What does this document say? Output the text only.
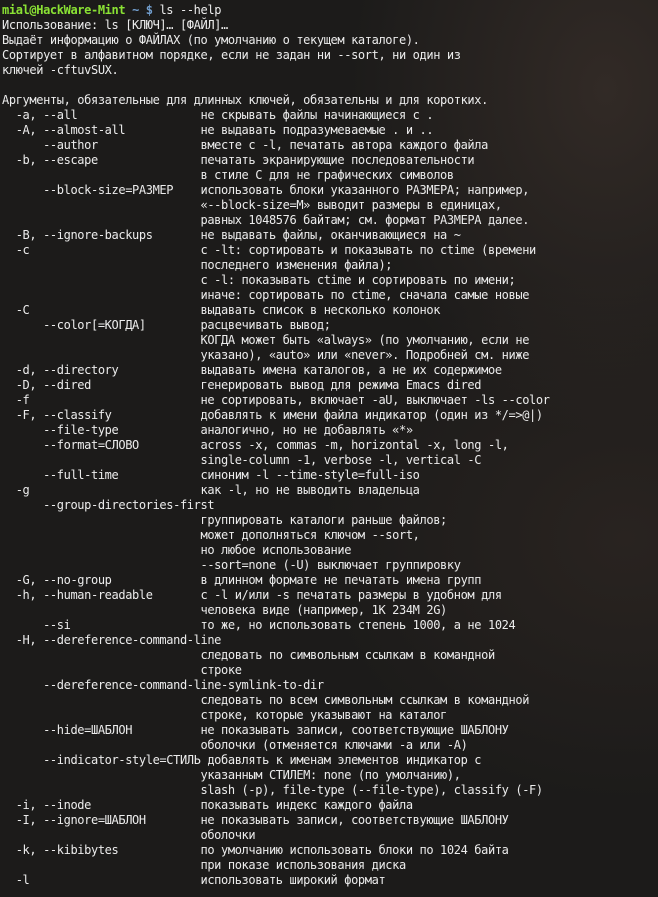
mial@HackWare-Mint ~ $ ls --help
Использование: ls [КЛЮЧ]… [ФАЙЛ]…
Выдаёт информацию о ФАЙЛАХ (по умолчанию о текущем каталоге).
Сортирует в алфавитном порядке, если не задан ни --sort, ни один из
ключей -cftuvSUX.
Аргументы, обязательные для длинных ключей, обязательны и для коротких.
-a, --all                  не скрывать файлы начинающиеся с .
-A, --almost-all           не выдавать подразумеваемые . и ..
--author               вместе с -l, печатать автора каждого файла
-b, --escape               печатать экранирующие последовательности
в стиле C для не графических символов
--block-size=РАЗМЕР    использовать блоки указанного РАЗМЕРА; например,
«--block-size=M» выводит размеры в единицах,
равных 1048576 байтам; см. формат РАЗМЕРА далее.
-B, --ignore-backups       не выдавать файлы, оканчивающиеся на ~
-c                         с -lt: сортировать и показывать по ctime (времени
последнего изменения файла);
с -l: показывать ctime и сортировать по имени;
иначе: сортировать по ctime, сначала самые новые
-C                         выдавать список в несколько колонок
--color[=КОГДА]        расцвечивать вывод;
КОГДА может быть «always» (по умолчанию, если не
указано), «auto» или «never». Подробней см. ниже
-d, --directory            выдавать имена каталогов, а не их содержимое
-D, --dired                генерировать вывод для режима Emacs dired
-f                         не сортировать, включает -aU, выключает -ls --color
-F, --classify             добавлять к имени файла индикатор (один из */=>@|)
--file-type            аналогично, но не добавлять «*»
--format=СЛОВО         across -x, commas -m, horizontal -x, long -l,
single-column -1, verbose -l, vertical -C
--full-time            синоним -l --time-style=full-iso
-g                         как -l, но не выводить владельца
--group-directories-first
группировать каталоги раньше файлов;
может дополняться ключом --sort,
но любое использование
--sort=none (-U) выключает группировку
-G, --no-group             в длинном формате не печатать имена групп
-h, --human-readable       с -l и/или -s печатать размеры в удобном для
человека виде (например, 1K 234M 2G)
--si                   то же, но использовать степень 1000, а не 1024
-H, --dereference-command-line
следовать по символьным ссылкам в командной
строке
--dereference-command-line-symlink-to-dir
следовать по всем символьным ссылкам в командной
строке, которые указывают на каталог
--hide=ШАБЛОН          не показывать записи, соответствующие ШАБЛОНУ
оболочки (отменяется ключами -a или -A)
--indicator-style=СТИЛЬ добавлять к именам элементов индикатор с
указанным СТИЛЕМ: none (по умолчанию),
slash (-p), file-type (--file-type), classify (-F)
-i, --inode                показывать индекс каждого файла
-I, --ignore=ШАБЛОН        не показывать записи, соответствующие ШАБЛОНУ
оболочки
-k, --kibibytes            по умолчанию использовать блоки по 1024 байта
при показе использования диска
-l                         использовать широкий формат
